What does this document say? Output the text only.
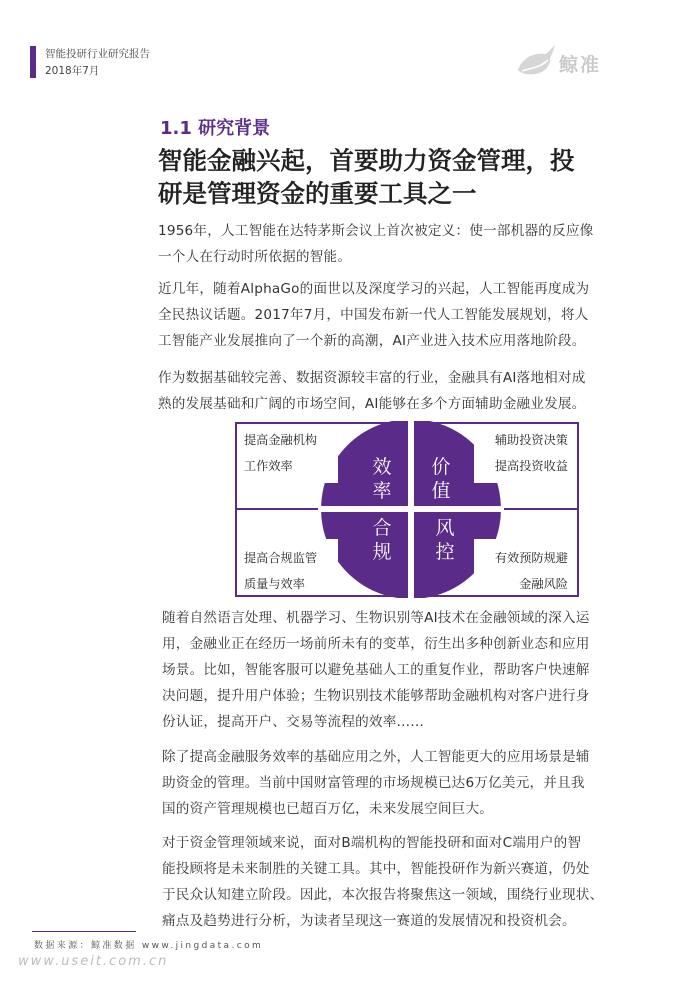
智能投研行业研究报告
2018年7月	鲸准
1.1 研究背景
智能金融兴起，首要助力资金管理，投
研是管理资金的重要工具之一
1956年，人工智能在达特茅斯会议上首次被定义：使一部机器的反应像
一个人在行动时所依据的智能。
近几年，随着AlphaGo的面世以及深度学习的兴起，人工智能再度成为
全民热议话题。2017年7月，中国发布新一代人工智能发展规划，将人
工智能产业发展推向了一个新的高潮，AI产业进入技术应用落地阶段。
作为数据基础较完善、数据资源较丰富的行业，金融具有AI落地相对成
熟的发展基础和广阔的市场空间，AI能够在多个方面辅助金融业发展。
提高金融机构
工作效率
辅助投资决策
提高投资收益
提高合规监管
质量与效率
有效预防规避
金融风险
效
率
价
值
合
规
风
控
随着自然语言处理、机器学习、生物识别等AI技术在金融领域的深入运
用，金融业正在经历一场前所未有的变革，衍生出多种创新业态和应用
场景。比如，智能客服可以避免基础人工的重复作业，帮助客户快速解
决问题，提升用户体验；生物识别技术能够帮助金融机构对客户进行身
份认证，提高开户、交易等流程的效率……
除了提高金融服务效率的基础应用之外，人工智能更大的应用场景是辅
助资金的管理。当前中国财富管理的市场规模已达6万亿美元，并且我
国的资产管理规模也已超百万亿，未来发展空间巨大。
对于资金管理领域来说，面对B端机构的智能投研和面对C端用户的智
能投顾将是未来制胜的关键工具。其中，智能投研作为新兴赛道，仍处
于民众认知建立阶段。因此，本次报告将聚焦这一领域，围绕行业现状、
痛点及趋势进行分析，为读者呈现这一赛道的发展情况和投资机会。
数据来源：鲸准数据 www.jingdata.com
www.useit.com.cn
